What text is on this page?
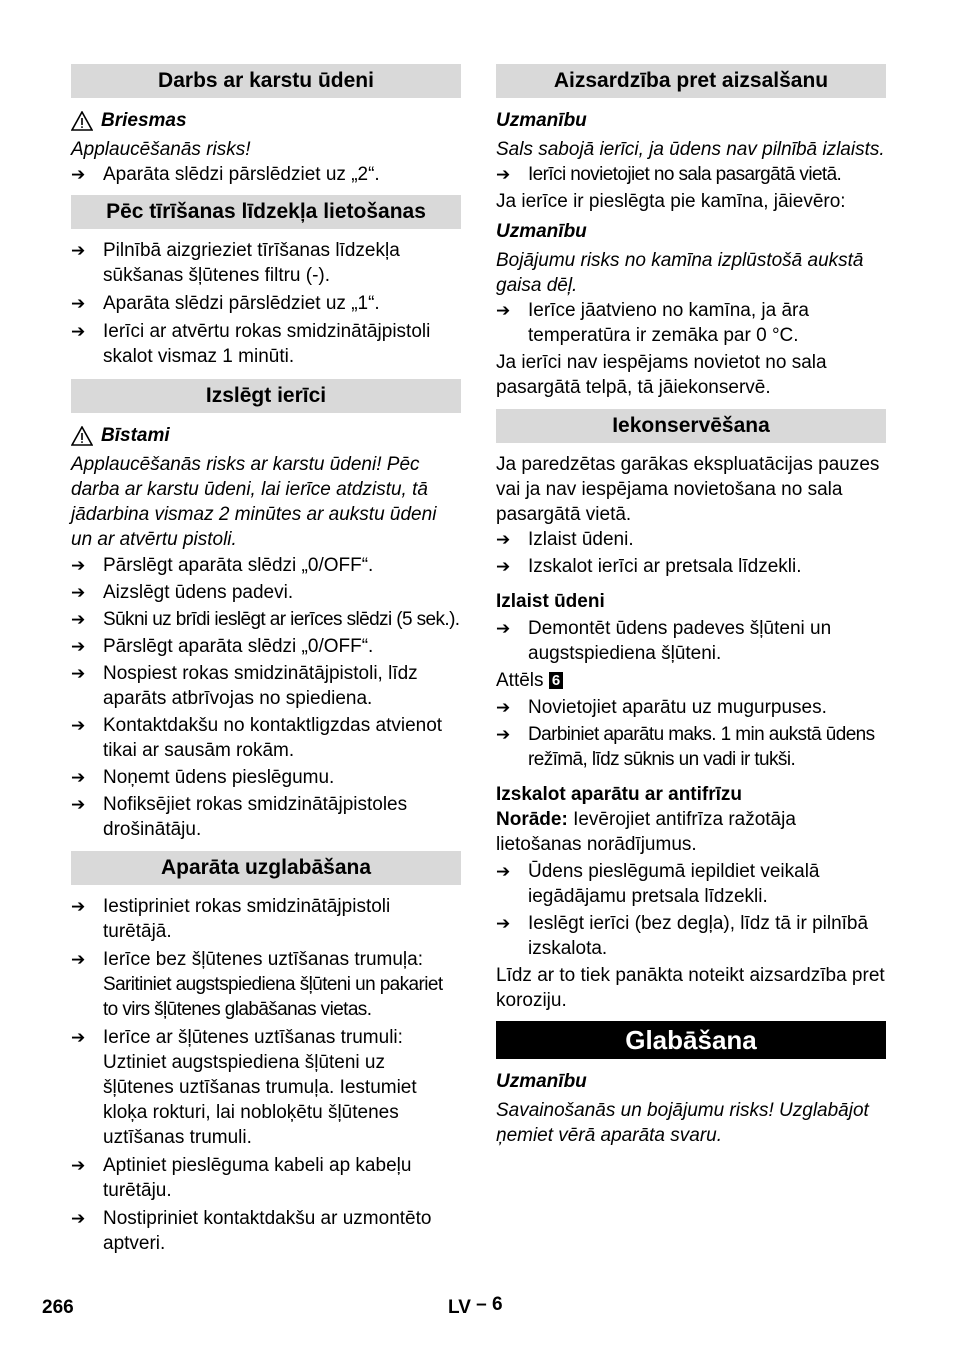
Darbs ar karstu ūdeni
Briesmas

Applaucēšanās risks!

➔ Aparāta slēdzi pārslēdziet uz „2“.
Pēc tīrīšanas līdzekļa lietošanas
➔ Pilnībā aizgrieziet tīrīšanas līdzekļa sūkšanas šļūtenes filtru (-).
➔ Aparāta slēdzi pārslēdziet uz „1“.
➔ Ierīci ar atvērtu rokas smidzinātājpistoli skalot vismaz 1 minūti.
Izslēgt ierīci
Bīstami

Applaucēšanās risks ar karstu ūdeni! Pēc darba ar karstu ūdeni, lai ierīce atdzistu, tā jādarbina vismaz 2 minūtes ar aukstu ūdeni un ar atvērtu pistoli.

➔ Pārslēgt aparāta slēdzi „0/OFF“.
➔ Aizslēgt ūdens padevi.
➔ Sūkni uz brīdi ieslēgt ar ierīces slēdzi (5 sek.).
➔ Pārslēgt aparāta slēdzi „0/OFF“.
➔ Nospiest rokas smidzinātājpistoli, līdz aparāts atbrīvojas no spiediena.
➔ Kontaktdakšu no kontaktligzdas atvienot tikai ar sausām rokām.
➔ Noņemt ūdens pieslēgumu.
➔ Nofiksējiet rokas smidzinātājpistoles drošinātāju.
Aparāta uzglabāšana
➔ Iestipriniet rokas smidzinātājpistoli turētājā.
➔ Ierīce bez šļūtenes uztīšanas trumuļa:
Saritiniet augstspiediena šļūteni un pakariet to virs šļūtenes glabāšanas vietas.
➔ Ierīce ar šļūtenes uztīšanas trumuli:
Uztiniet augstspiediena šļūteni uz šļūtenes uztīšanas trumuļa. Iestumiet kloķa rokturi, lai nobloķētu šļūtenes uztīšanas trumuli.
➔ Aptiniet pieslēguma kabeli ap kabeļu turētāju.
➔ Nostipriniet kontaktdakšu ar uzmontēto aptveri.
Aizsardzība pret aizsalšanu

Uzmanību

Sals sabojā ierīci, ja ūdens nav pilnībā izlaists.

➔ Ierīci novietojiet no sala pasargātā vietā.

Ja ierīce ir pieslēgta pie kamīna, jāievēro:

Uzmanību

Bojājumu risks no kamīna izplūstošā aukstā gaisa dēļ.

➔ Ierīce jāatvieno no kamīna, ja āra temperatūra ir zemāka par 0 °C.

Ja ierīci nav iespējams novietot no sala pasargātā telpā, tā jāiekonservē.

Iekonservēšana

Ja paredzētas garākas ekspluatācijas pauzes vai ja nav iespējama novietošana no sala pasargātā vietā.

➔ Izlaist ūdeni.
➔ Izskalot ierīci ar pretsala līdzekli.

Izlaist ūdeni

➔ Demontēt ūdens padeves šļūteni un augstspiediena šļūteni.

Attēls 6

➔ Novietojiet aparātu uz mugurpuses.
➔ Darbiniet aparātu maks. 1 min aukstā ūdens režīmā, līdz sūknis un vadi ir tukši.

Izskalot aparātu ar antifrīzu

Norāde: Ievērojiet antifrīza ražotāja lietošanas norādījumus.

➔ Ūdens pieslēgumā iepildiet veikalā iegādājamu pretsala līdzekli.
➔ Ieslēgt ierīci (bez degļa), līdz tā ir pilnībā izskalota.

Līdz ar to tiek panākta noteikt aizsardzība pret koroziju.

Glabāšana

Uzmanību

Savainošanās un bojājumu risks! Uzglabājot ņemiet vērā aparāta svaru.

266	LV – 6
